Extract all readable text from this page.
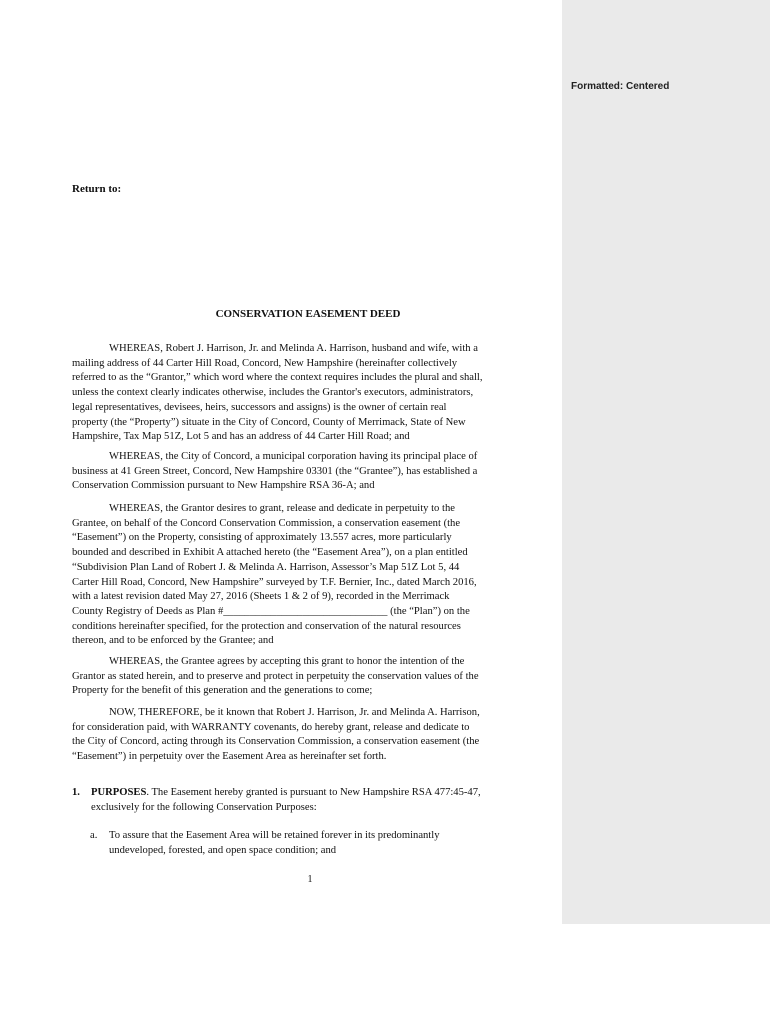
Formatted: Centered
Return to:
CONSERVATION EASEMENT DEED
WHEREAS, Robert J. Harrison, Jr. and Melinda A. Harrison, husband and wife, with a
mailing address of 44 Carter Hill Road, Concord, New Hampshire (hereinafter collectively
referred to as the “Grantor,” which word where the context requires includes the plural and shall,
unless the context clearly indicates otherwise, includes the Grantor's executors, administrators,
legal representatives, devisees, heirs, successors and assigns) is the owner of certain real
property (the “Property”) situate in the City of Concord, County of Merrimack, State of New
Hampshire, Tax Map 51Z, Lot 5 and has an address of 44 Carter Hill Road; and
WHEREAS, the City of Concord, a municipal corporation having its principal place of
business at 41 Green Street, Concord, New Hampshire 03301 (the “Grantee”), has established a
Conservation Commission pursuant to New Hampshire RSA 36-A; and
WHEREAS, the Grantor desires to grant, release and dedicate in perpetuity to the
Grantee, on behalf of the Concord Conservation Commission, a conservation easement (the
“Easement”) on the Property, consisting of approximately 13.557 acres, more particularly
bounded and described in Exhibit A attached hereto (the “Easement Area”), on a plan entitled
“Subdivision Plan Land of Robert J. & Melinda A. Harrison, Assessor’s Map 51Z Lot 5, 44
Carter Hill Road, Concord, New Hampshire” surveyed by T.F. Bernier, Inc., dated March 2016,
with a latest revision dated May 27, 2016 (Sheets 1 & 2 of 9), recorded in the Merrimack
County Registry of Deeds as Plan #_______________________________ (the “Plan”) on the
conditions hereinafter specified, for the protection and conservation of the natural resources
thereon, and to be enforced by the Grantee; and
WHEREAS, the Grantee agrees by accepting this grant to honor the intention of the
Grantor as stated herein, and to preserve and protect in perpetuity the conservation values of the
Property for the benefit of this generation and the generations to come;
NOW, THEREFORE, be it known that Robert J. Harrison, Jr. and Melinda A. Harrison,
for consideration paid, with WARRANTY covenants, do hereby grant, release and dedicate to
the City of Concord, acting through its Conservation Commission, a conservation easement (the
“Easement”) in perpetuity over the Easement Area as hereinafter set forth.
1. PURPOSES. The Easement hereby granted is pursuant to New Hampshire RSA 477:45-47,
exclusively for the following Conservation Purposes:
a. To assure that the Easement Area will be retained forever in its predominantly
undeveloped, forested, and open space condition; and
1
